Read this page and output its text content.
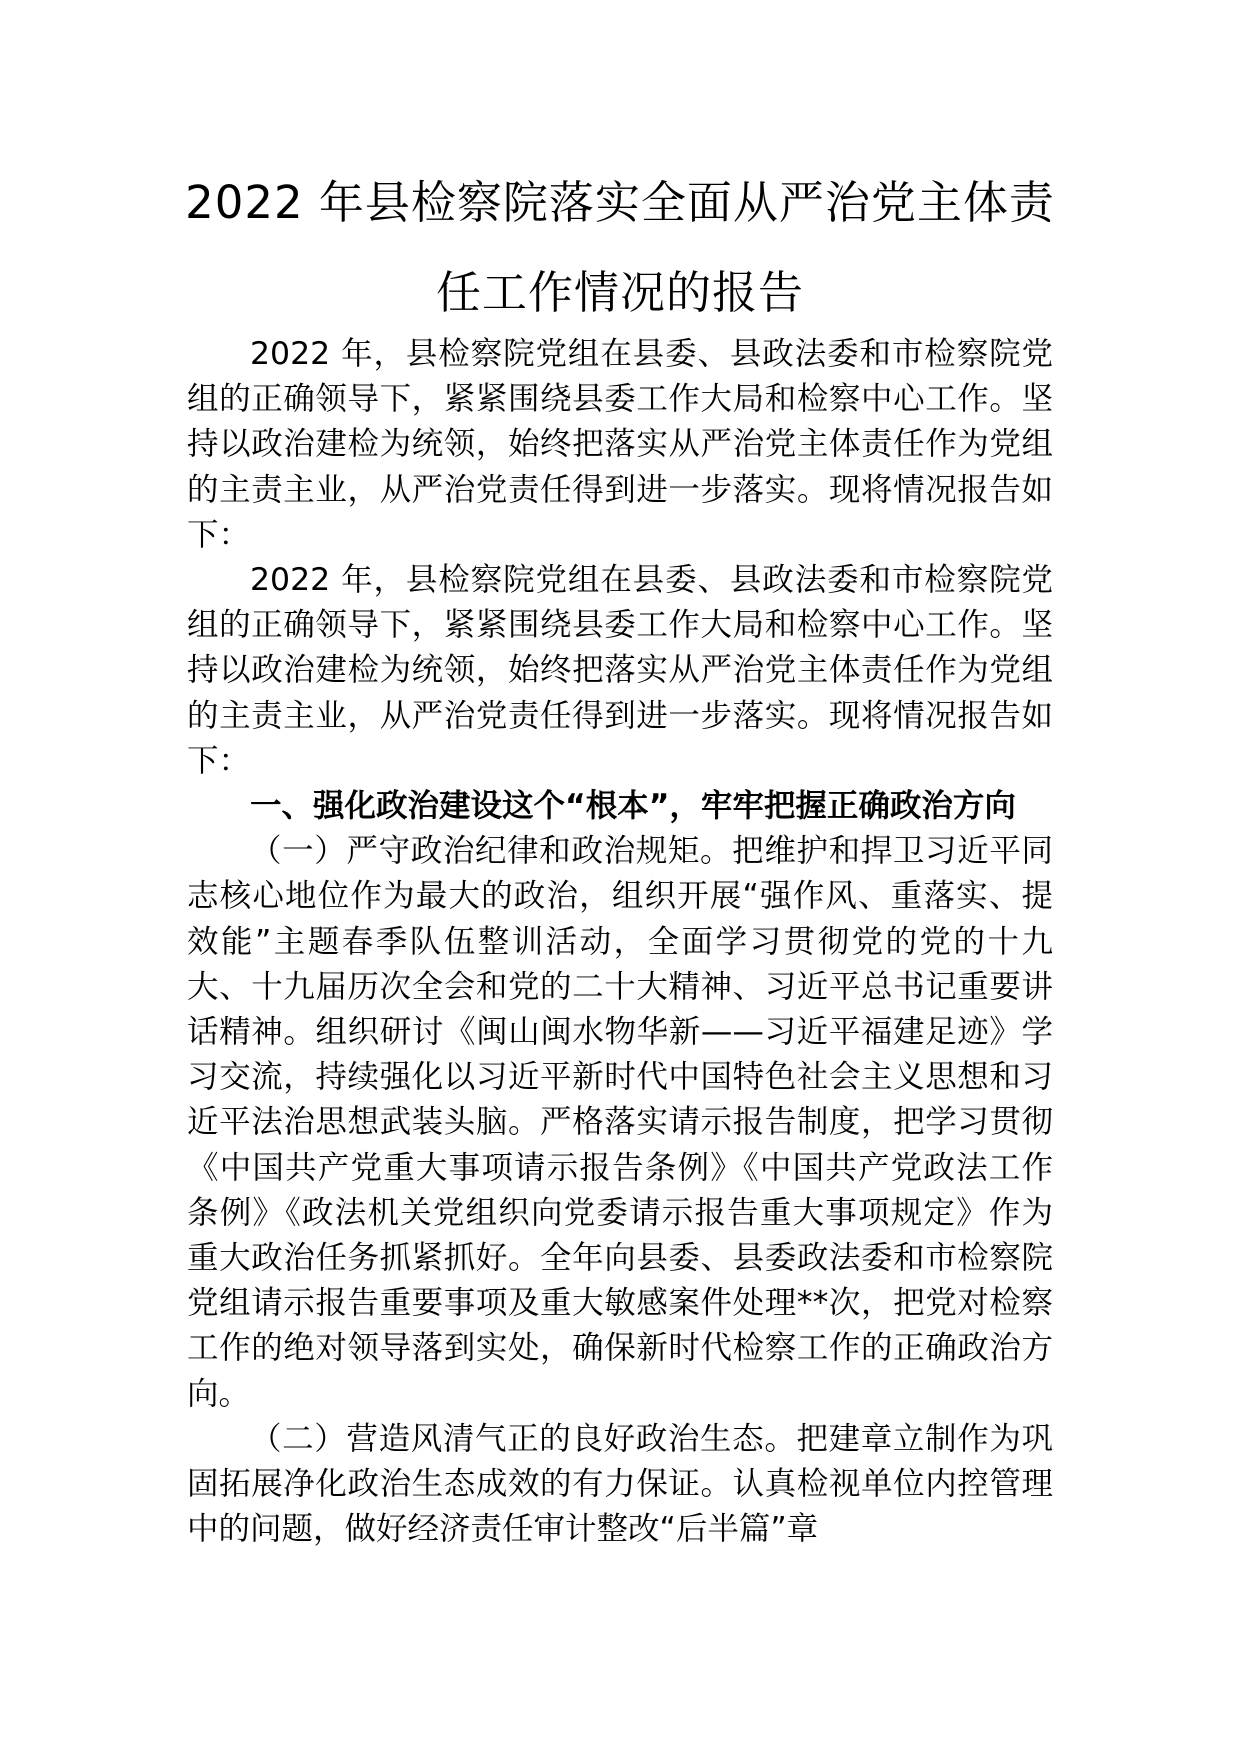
2022 年县检察院落实全面从严治党主体责
任工作情况的报告

2022 年，县检察院党组在县委、县政法委和市检察院党组的正确领导下，紧紧围绕县委工作大局和检察中心工作。坚持以政治建检为统领，始终把落实从严治党主体责任作为党组的主责主业，从严治党责任得到进一步落实。现将情况报告如下：

2022 年，县检察院党组在县委、县政法委和市检察院党组的正确领导下，紧紧围绕县委工作大局和检察中心工作。坚持以政治建检为统领，始终把落实从严治党主体责任作为党组的主责主业，从严治党责任得到进一步落实。现将情况报告如下：

一、强化政治建设这个“根本”，牢牢把握正确政治方向

（一）严守政治纪律和政治规矩。把维护和捍卫习近平同志核心地位作为最大的政治，组织开展“强作风、重落实、提效能”主题春季队伍整训活动，全面学习贯彻党的党的十九大、十九届历次全会和党的二十大精神、习近平总书记重要讲话精神。组织研讨《闽山闽水物华新——习近平福建足迹》学习交流，持续强化以习近平新时代中国特色社会主义思想和习近平法治思想武装头脑。严格落实请示报告制度，把学习贯彻《中国共产党重大事项请示报告条例》《中国共产党政法工作条例》《政法机关党组织向党委请示报告重大事项规定》作为重大政治任务抓紧抓好。全年向县委、县委政法委和市检察院党组请示报告重要事项及重大敏感案件处理**次，把党对检察工作的绝对领导落到实处，确保新时代检察工作的正确政治方向。

（二）营造风清气正的良好政治生态。把建章立制作为巩固拓展净化政治生态成效的有力保证。认真检视单位内控管理中的问题，做好经济责任审计整改“后半篇”章
